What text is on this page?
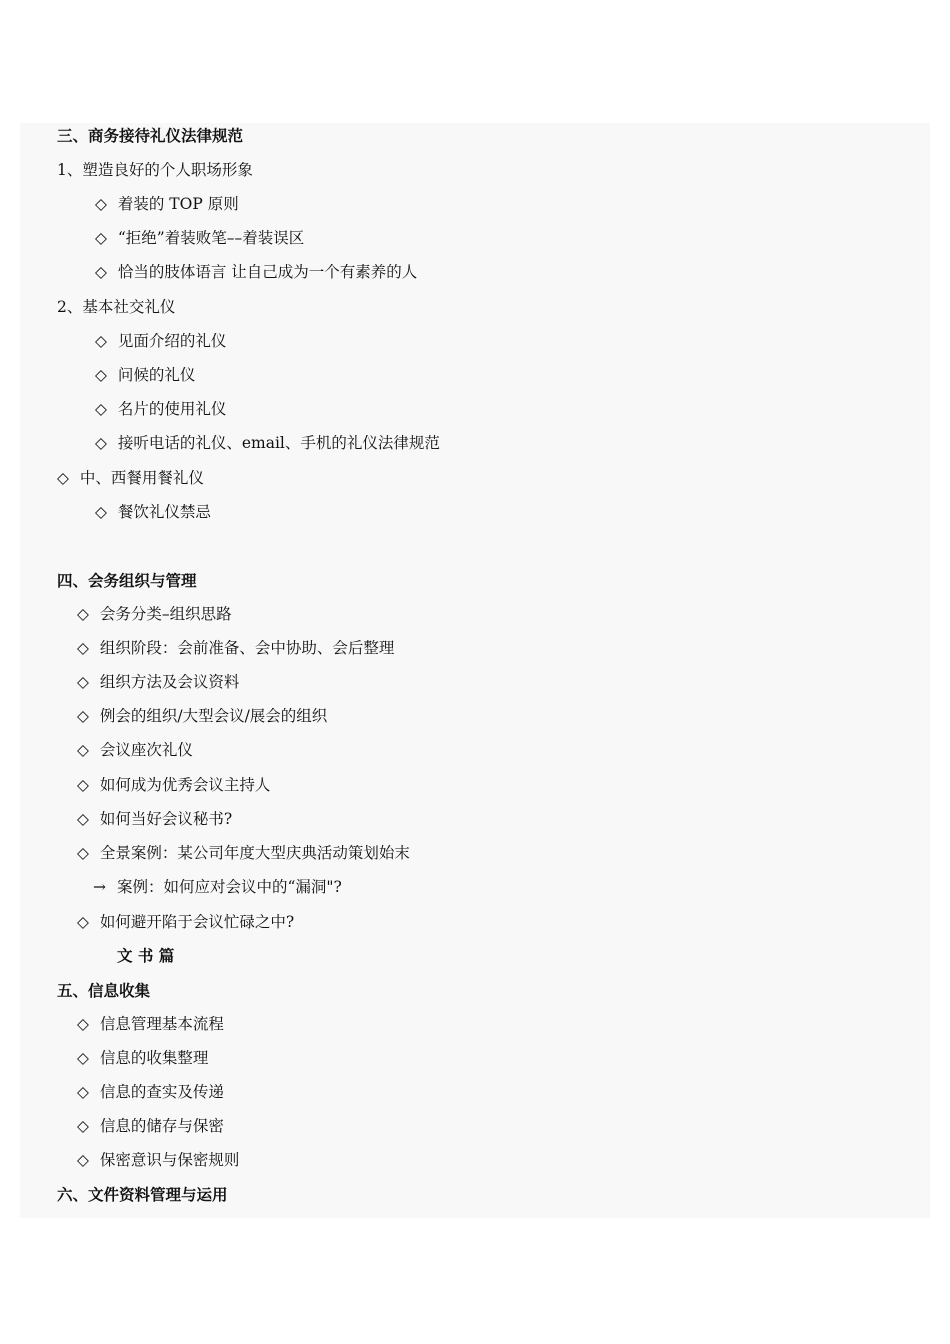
三、商务接待礼仪法律规范
1、塑造良好的个人职场形象
◇ 着装的 TOP 原则
◇ “拒绝”着装败笔––着装误区
◇ 恰当的肢体语言 让自己成为一个有素养的人
2、基本社交礼仪
◇ 见面介绍的礼仪
◇ 问候的礼仪
◇ 名片的使用礼仪
◇ 接听电话的礼仪、email、手机的礼仪法律规范
◇ 中、西餐用餐礼仪
◇ 餐饮礼仪禁忌
四、会务组织与管理
◇ 会务分类–组织思路
◇ 组织阶段：会前准备、会中协助、会后整理
◇ 组织方法及会议资料
◇ 例会的组织/大型会议/展会的组织
◇ 会议座次礼仪
◇ 如何成为优秀会议主持人
◇ 如何当好会议秘书?
◇ 全景案例：某公司年度大型庆典活动策划始末
→ 案例：如何应对会议中的“漏洞"?
◇ 如何避开陷于会议忙碌之中?
文 书 篇
五、信息收集
◇ 信息管理基本流程
◇ 信息的收集整理
◇ 信息的查实及传递
◇ 信息的储存与保密
◇ 保密意识与保密规则
六、文件资料管理与运用
